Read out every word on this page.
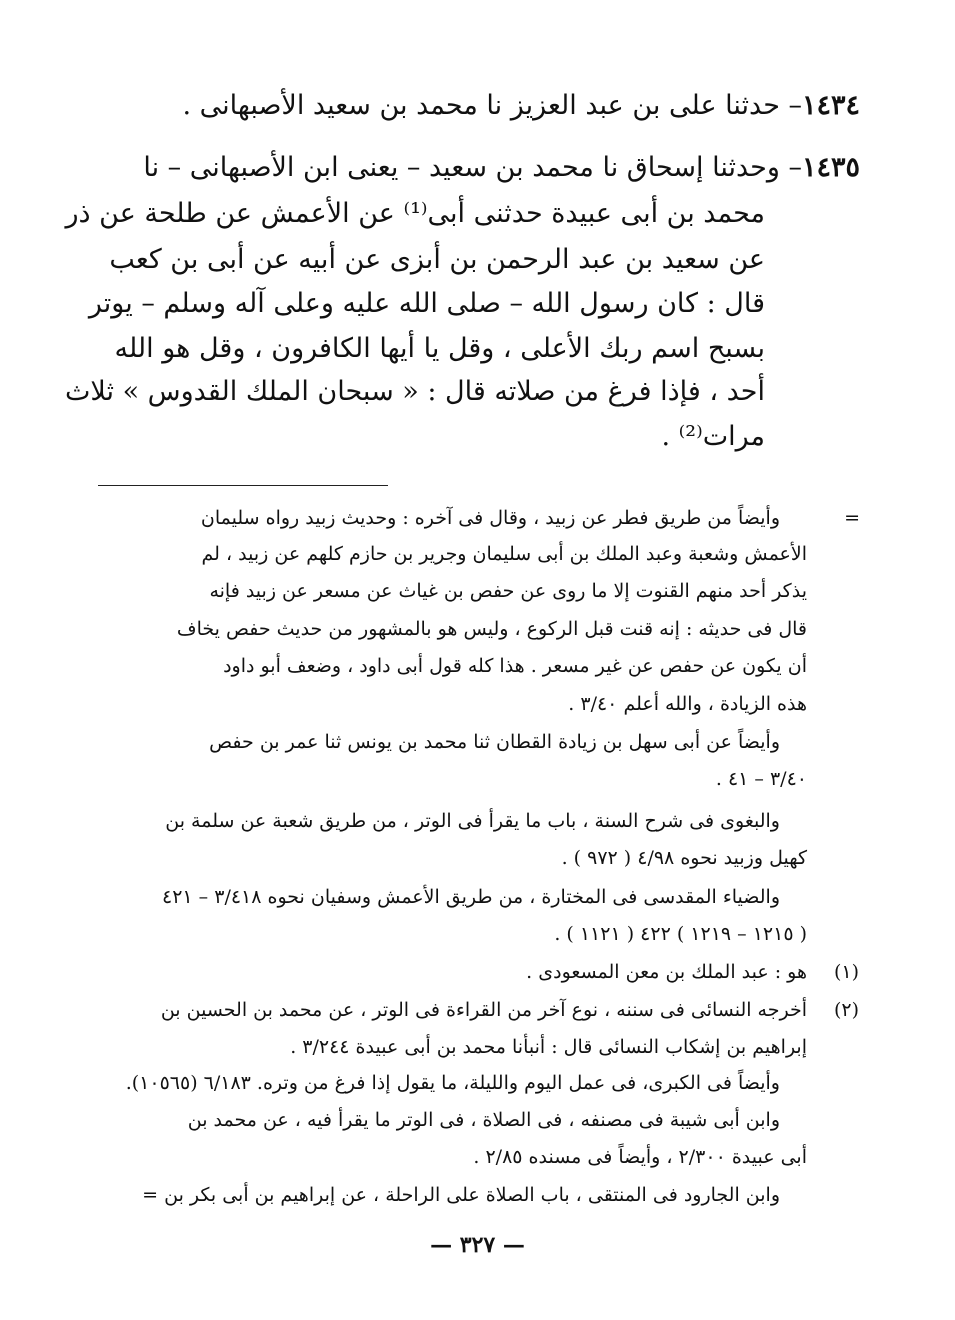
١٤٣٤– حدثنا على بن عبد العزيز نا محمد بن سعيد الأصبهانى .
١٤٣٥– وحدثنا إسحاق نا محمد بن سعيد – يعنى ابن الأصبهانى – نا
محمد بن أبى عبيدة حدثنى أبى⁽¹⁾ عن الأعمش عن طلحة عن ذر
عن سعيد بن عبد الرحمن بن أبزى عن أبيه عن أبى بن كعب
قال : كان رسول الله – صلى الله عليه وعلى آله وسلم – يوتر
بسبح اسم ربك الأعلى ، وقل يا أيها الكافرون ، وقل هو الله
أحد ، فإذا فرغ من صلاته قال : « سبحان الملك القدوس » ثلاث
مرات⁽²⁾ .
=
وأيضاً من طريق فطر عن زبيد ، وقال فى آخره : وحديث زبيد رواه سليمان
الأعمش وشعبة وعبد الملك بن أبى سليمان وجرير بن حازم كلهم عن زبيد ، لم
يذكر أحد منهم القنوت إلا ما روى عن حفص بن غياث عن مسعر عن زبيد فإنه
قال فى حديثه : إنه قنت قبل الركوع ، وليس هو بالمشهور من حديث حفص يخاف
أن يكون عن حفص عن غير مسعر . هذا كله قول أبى داود ، وضعف أبو داود
هذه الزيادة ، والله أعلم ٣/٤٠ .
وأيضاً عن أبى سهل بن زيادة القطان ثنا محمد بن يونس ثنا عمر بن حفص
٣/٤٠ – ٤١ .
والبغوى فى شرح السنة ، باب ما يقرأ فى الوتر ، من طريق شعبة عن سلمة بن
كهيل وزبيد نحوه ٤/٩٨ ( ٩٧٢ ) .
والضياء المقدسى فى المختارة ، من طريق الأعمش وسفيان نحوه ٣/٤١٨ – ٤٢١
( ١٢١٥ – ١٢١٩ ) ٤٢٢ ( ١١٢١ ) .
(١)
هو : عبد الملك بن معن المسعودى .
(٢)
أخرجه النسائى فى سننه ، نوع آخر من القراءة فى الوتر ، عن محمد بن الحسين بن
إبراهيم بن إشكاب النسائى قال : أنبأنا محمد بن أبى عبيدة ٣/٢٤٤ .
وأيضاً فى الكبرى، فى عمل اليوم والليلة، ما يقول إذا فرغ من وتره. ٦/١٨٣ (١٠٥٦٥).
وابن أبى شيبة فى مصنفه ، فى الصلاة ، فى الوتر ما يقرأ فيه ، عن محمد بن
أبى عبيدة ٢/٣٠٠ ، وأيضاً فى مسنده ٢/٨٥ .
وابن الجارود فى المنتقى ، باب الصلاة على الراحلة ، عن إبراهيم بن أبى بكر بن =
— ٣٢٧ —
